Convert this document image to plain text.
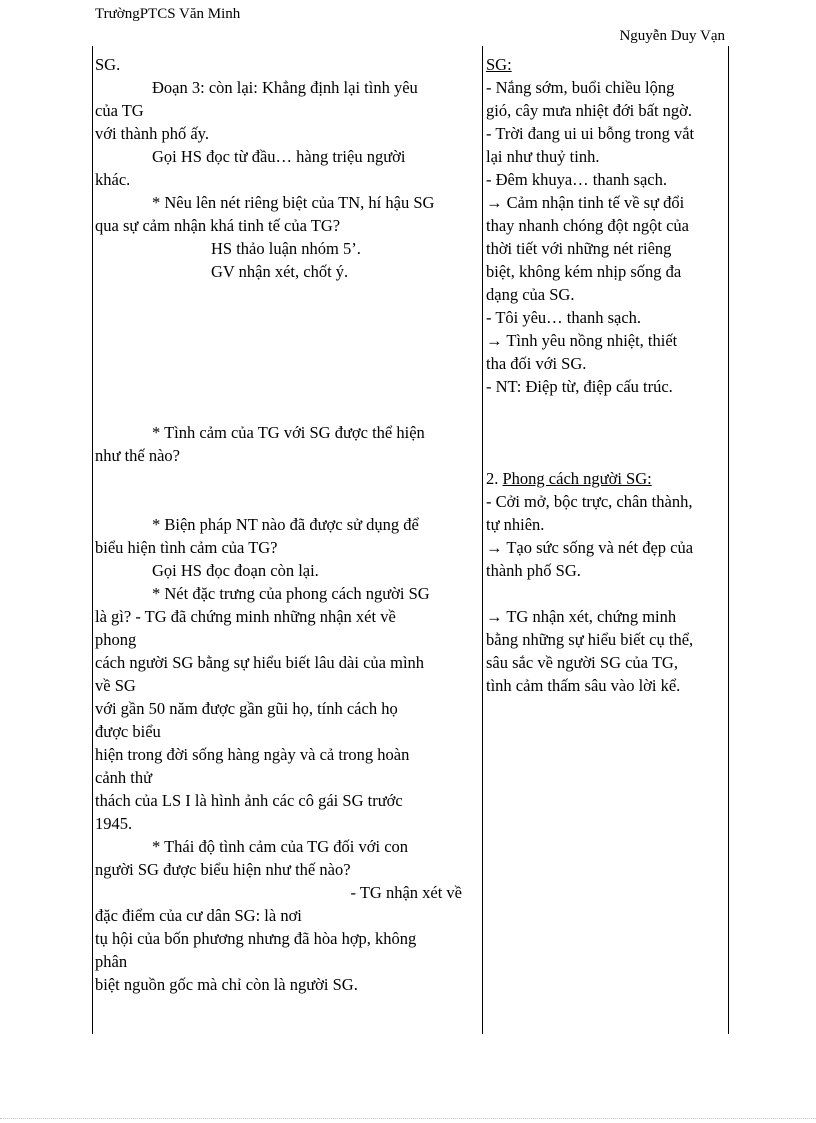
TrườngPTCS Văn Minh
Nguyễn Duy Vạn
SG.
Đoạn 3: còn lại: Khẳng định lại tình yêu
của TG
với thành phố ấy.
Gọi HS đọc từ đầu… hàng triệu người
khác.
* Nêu lên nét riêng biệt của TN, hí hậu SG
qua sự cảm nhận khá tinh tế của TG?
HS thảo luận nhóm 5’.
GV nhận xét, chốt ý.
* Tình cảm của TG với SG được thể hiện
như thế nào?
* Biện pháp NT nào đã được sử dụng để
biểu hiện tình cảm của TG?
Gọi HS đọc đoạn còn lại.
* Nét đặc trưng của phong cách người SG
là gì? - TG đã chứng minh những nhận xét về
phong
cách người SG bằng sự hiểu biết lâu dài của mình
về SG
với gần 50 năm được gần gũi họ, tính cách họ
được biểu
hiện trong đời sống hàng ngày và cả trong hoàn
cảnh thử
thách của LS I là hình ảnh các cô gái SG trước
1945.
* Thái độ tình cảm của TG đối với con
người SG được biểu hiện như thế nào?
- TG nhận xét về
đặc điểm của cư dân SG: là nơi
tụ hội của bốn phương nhưng đã hòa hợp, không
phân
biệt nguồn gốc mà chỉ còn là người SG.
SG:
- Nắng sớm, buổi chiều lộng
gió, cây mưa nhiệt đới bất ngờ.
- Trời đang ui ui bỗng trong vắt
lại như thuỷ tinh.
- Đêm khuya… thanh sạch.
→ Cảm nhận tinh tế về sự đổi
thay nhanh chóng đột ngột của
thời tiết với những nét riêng
biệt, không kém nhịp sống đa
dạng của SG.
- Tôi yêu… thanh sạch.
→ Tình yêu nồng nhiệt, thiết
tha đối với SG.
- NT: Điệp từ, điệp cấu trúc.
2. Phong cách người SG:
- Cởi mở, bộc trực, chân thành,
tự nhiên.
→ Tạo sức sống và nét đẹp của
thành phố SG.
→ TG nhận xét, chứng minh
bằng những sự hiểu biết cụ thể,
sâu sắc về người SG của TG,
tình cảm thấm sâu vào lời kể.
